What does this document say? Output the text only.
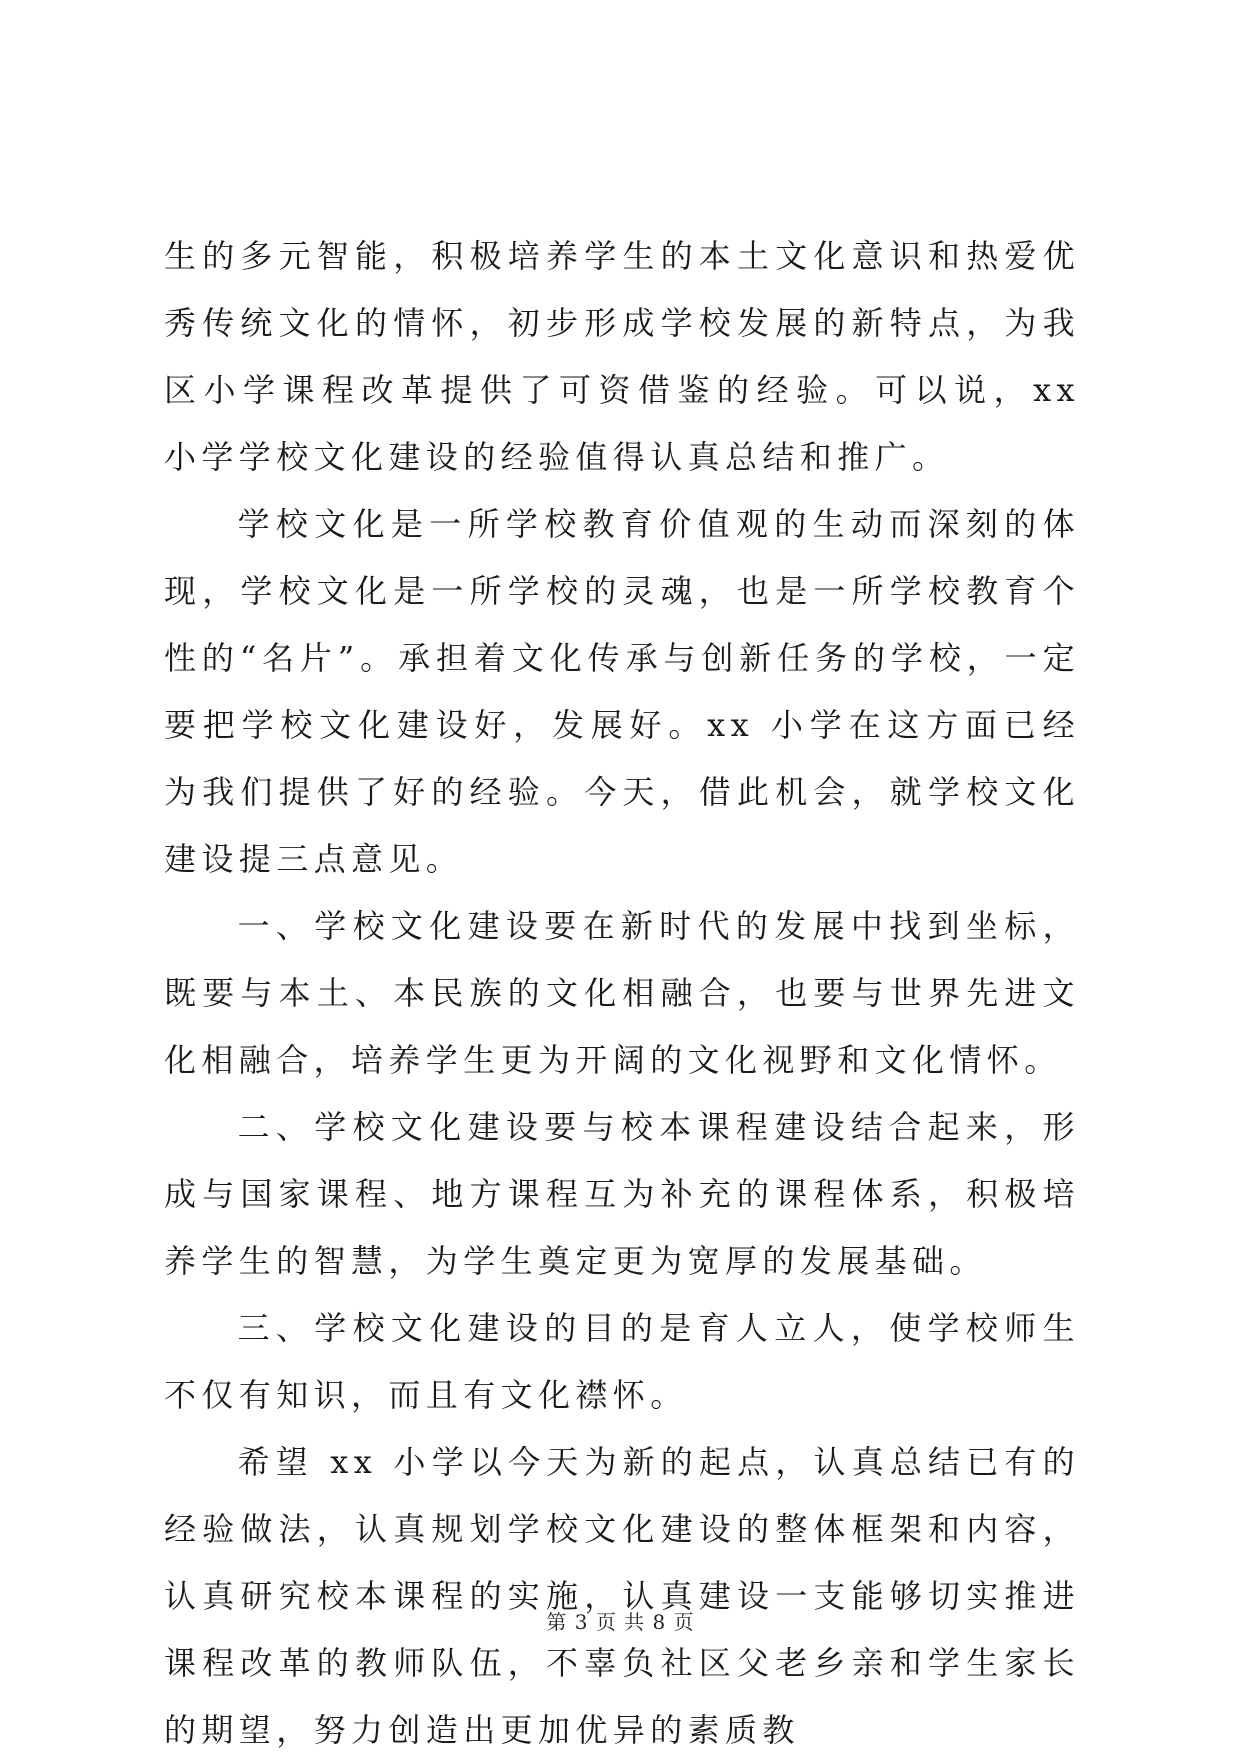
生的多元智能，积极培养学生的本土文化意识和热爱优秀传统文化的情怀，初步形成学校发展的新特点，为我区小学课程改革提供了可资借鉴的经验。可以说，xx 小学学校文化建设的经验值得认真总结和推广。

学校文化是一所学校教育价值观的生动而深刻的体现，学校文化是一所学校的灵魂，也是一所学校教育个性的“名片”。承担着文化传承与创新任务的学校，一定要把学校文化建设好，发展好。xx 小学在这方面已经为我们提供了好的经验。今天，借此机会，就学校文化建设提三点意见。

一、学校文化建设要在新时代的发展中找到坐标，既要与本土、本民族的文化相融合，也要与世界先进文化相融合，培养学生更为开阔的文化视野和文化情怀。

二、学校文化建设要与校本课程建设结合起来，形成与国家课程、地方课程互为补充的课程体系，积极培养学生的智慧，为学生奠定更为宽厚的发展基础。

三、学校文化建设的目的是育人立人，使学校师生不仅有知识，而且有文化襟怀。

希望 xx 小学以今天为新的起点，认真总结已有的经验做法，认真规划学校文化建设的整体框架和内容，认真研究校本课程的实施，认真建设一支能够切实推进课程改革的教师队伍，不辜负社区父老乡亲和学生家长的期望，努力创造出更加优异的素质教

第 3 页 共 8 页
